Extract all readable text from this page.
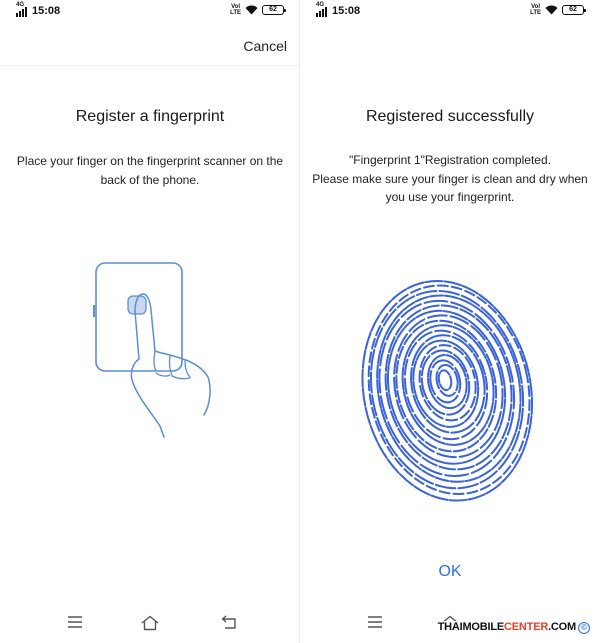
4G 15:08	Vol
LTE	62
Cancel
Register a fingerprint
Place your finger on the fingerprint scanner on the back of the phone.
4G 15:08	Vol
LTE	62
Registered successfully
"Fingerprint 1"Registration completed.
Please make sure your finger is clean and dry when you use your fingerprint.
OK
THAIMOBILECENTER.COM ©
